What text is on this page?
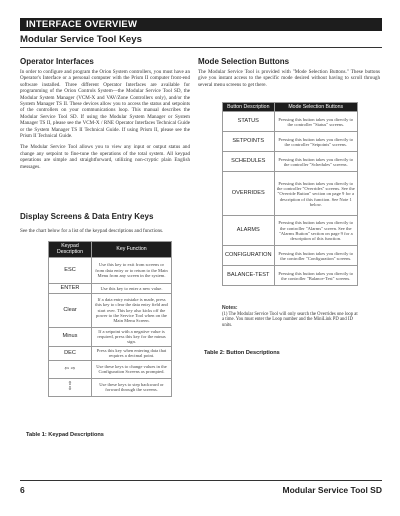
INTERFACE OVERVIEW
Modular Service Tool Keys
Operator Interfaces

In order to configure and program the Orion System controllers, you must have an Operator's Interface or a personal computer with the Prism II computer front-end software installed. Three different Operator Interfaces are available for programming of the Orion Controls System—the Modular Service Tool SD, the Modular System Manager (VCM-X and VAV/Zone Controllers only), and/or the System Manager TS II. These devices allow you to access the status and setpoints of the controllers on your communications loop. This manual describes the Modular Service Tool SD. If using the Modular System Manager or System Manager TS II, please see the VCM-X / RNE Operator Interfaces Technical Guide or the System Manager TS II Technical Guide. If using Prism II, please see the Prism II Technical Guide.

The Modular Service Tool allows you to view any input or output status and change any setpoint to fine-tune the operations of the total system. All keypad operations are simple and straightforward, utilizing non-cryptic plain English messages.

Display Screens & Data Entry Keys
See the chart below for a list of the keypad descriptions and functions.
Keypad Description	Key Function
ESC	Use this key to exit from screens or from data entry or to return to the Main Menu from any screen in the system.
ENTER	Use this key to enter a new value.
Clear	If a data entry mistake is made, press this key to clear the data entry field and start over. This key also kicks off the power to the Service Tool when on the Main Menu Screen.
Minus	If a setpoint with a negative value is required, press this key for the minus sign.
DEC	Press this key when entering data that requires a decimal point.
⇦ ⇨	Use these keys to change values in the Configuration Screens as prompted.
⇧
⇩	Use these keys to step backward or forward through the screens.
Table 1: Keypad Descriptions
Mode Selection Buttons
The Modular Service Tool is provided with "Mode Selection Buttons." These buttons give you instant access to the specific mode desired without having to scroll through several menu screens to get there.
Button Description	Mode Selection Buttons
STATUS	Pressing this button takes you directly to the controller "Status" screens.
SETPOINTS	Pressing this button takes you directly to the controller "Setpoints" screens.
SCHEDULES	Pressing this button takes you directly to the controller "Schedules" screens.
OVERRIDES	Pressing this button takes you directly to the controller "Overrides" screens. See the "Override Button" section on page 9 for a description of this function. See Note 1 below.
ALARMS	Pressing this button takes you directly to the controller "Alarms" screen. See the "Alarms Button" section on page 9 for a description of this function.
CONFIGURATION	Pressing this button takes you directly to the controller "Configuration" screens.
BALANCE-TEST	Pressing this button takes you directly to the controller "Balance-Test" screens.
Notes:
(1) The Modular Service Tool will only search the Overrides one loop at a time. You must enter the Loop number and the MiniLink PD and ID units.
Table 2: Button Descriptions
6	Modular Service Tool SD
